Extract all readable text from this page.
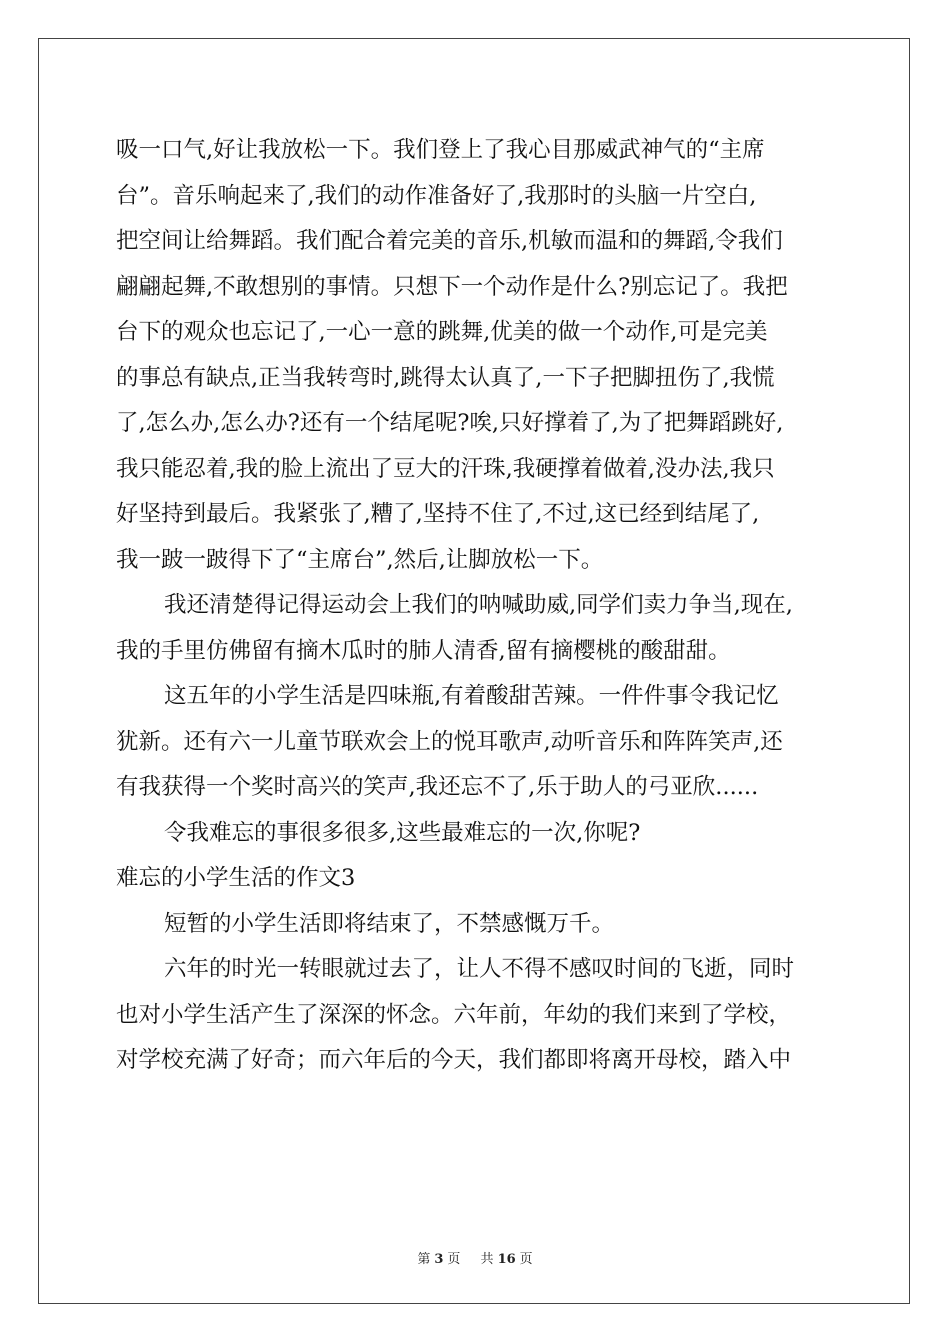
吸一口气,好让我放松一下。我们登上了我心目那威武神气的“主席
台”。音乐响起来了,我们的动作准备好了,我那时的头脑一片空白,
把空间让给舞蹈。我们配合着完美的音乐,机敏而温和的舞蹈,令我们
翩翩起舞,不敢想别的事情。只想下一个动作是什么?别忘记了。我把
台下的观众也忘记了,一心一意的跳舞,优美的做一个动作,可是完美
的事总有缺点,正当我转弯时,跳得太认真了,一下子把脚扭伤了,我慌
了,怎么办,怎么办?还有一个结尾呢?唉,只好撑着了,为了把舞蹈跳好,
我只能忍着,我的脸上流出了豆大的汗珠,我硬撑着做着,没办法,我只
好坚持到最后。我紧张了,糟了,坚持不住了,不过,这已经到结尾了,
我一跛一跛得下了“主席台”,然后,让脚放松一下。
我还清楚得记得运动会上我们的呐喊助威,同学们卖力争当,现在,
我的手里仿佛留有摘木瓜时的肺人清香,留有摘樱桃的酸甜甜。
这五年的小学生活是四味瓶,有着酸甜苦辣。一件件事令我记忆
犹新。还有六一儿童节联欢会上的悦耳歌声,动听音乐和阵阵笑声,还
有我获得一个奖时高兴的笑声,我还忘不了,乐于助人的弓亚欣......
令我难忘的事很多很多,这些最难忘的一次,你呢?
难忘的小学生活的作文3
短暂的小学生活即将结束了，不禁感慨万千。
六年的时光一转眼就过去了，让人不得不感叹时间的飞逝，同时
也对小学生活产生了深深的怀念。六年前，年幼的我们来到了学校，
对学校充满了好奇；而六年后的今天，我们都即将离开母校，踏入中
第 3 页 共 16 页
